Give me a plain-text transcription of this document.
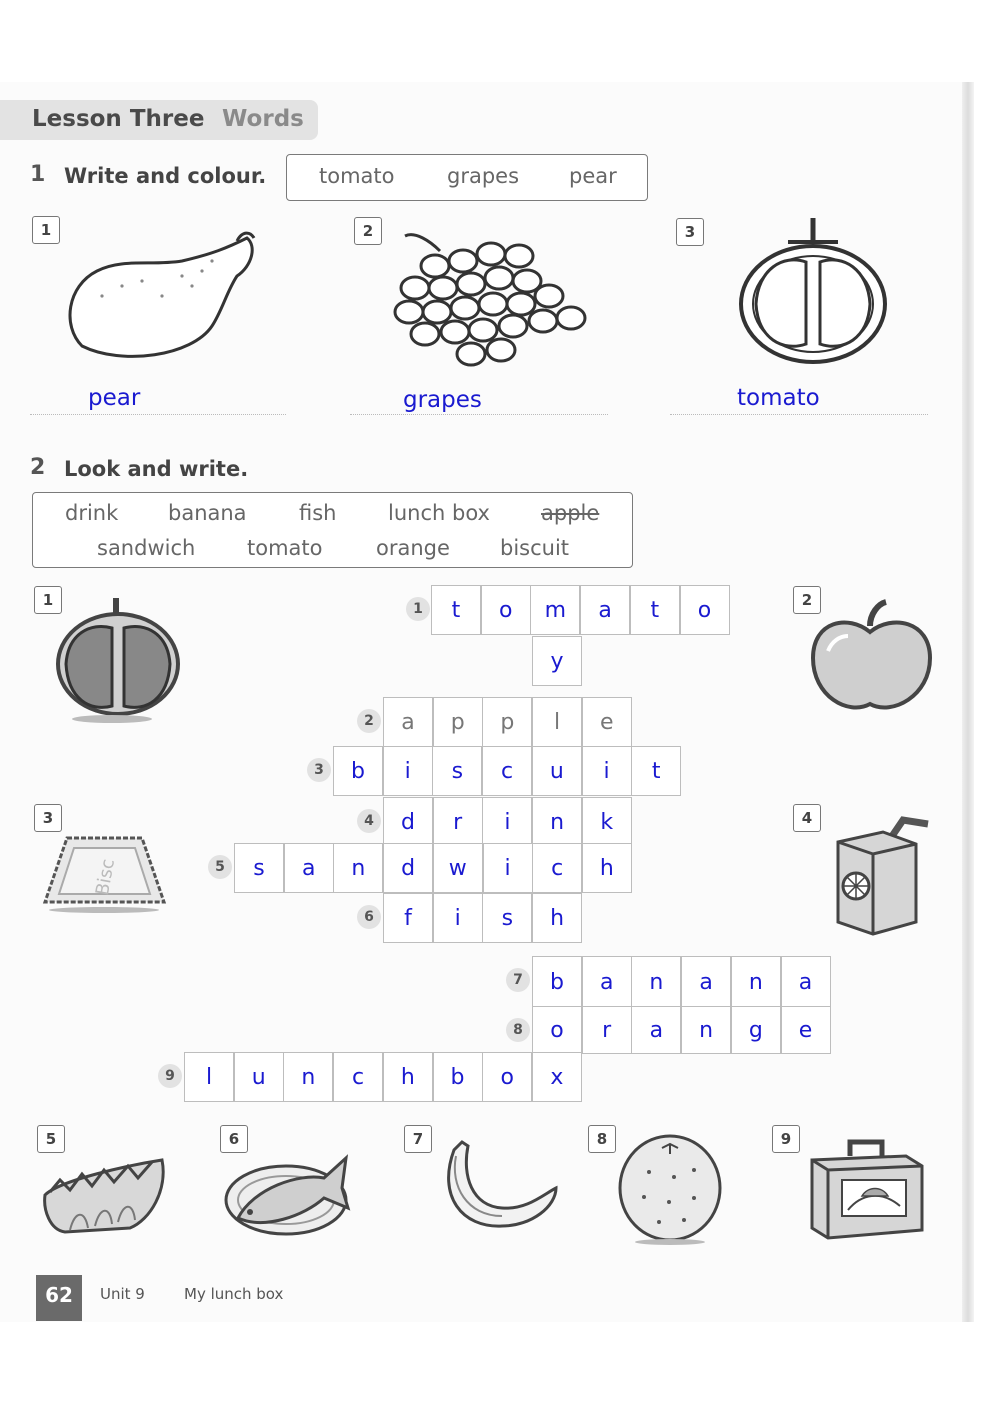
Lesson Three Words
1 Write and colour.	tomato	grapes pear
1	2	3
pear	grapes	tomato
2 Look and write.
drink banana fish lunch box apple
sandwich tomato	orange biscuit
1	t	o	m	a	t	o
y
2	a	p	p	l	e
3	b	i	s	c	u	i	t
4	d	r	i	n	k
5	s	a	n	d	w	i	c	h
6	f	i	s	h
7	b	a	n	a	n	a
8	o	r	a	n	g	e
9	l	u	n	c	h	b	o	x
1	2
3
Bisc
4
5	6	7	8	9
62	Unit 9	My lunch box
